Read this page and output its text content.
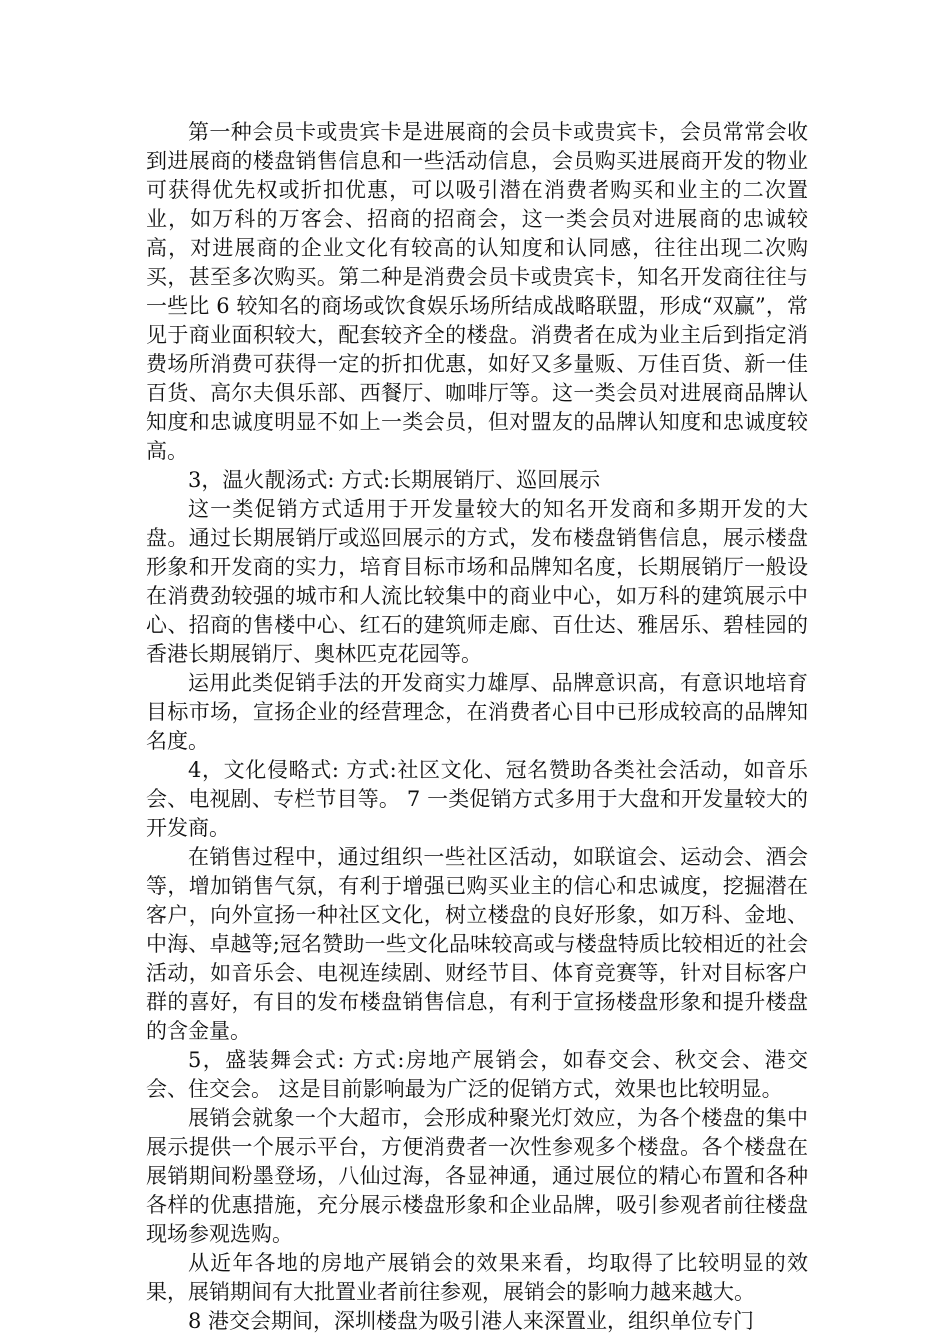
第一种会员卡或贵宾卡是进展商的会员卡或贵宾卡，会员常常会收到进展商的楼盘销售信息和一些活动信息，会员购买进展商开发的物业可获得优先权或折扣优惠，可以吸引潜在消费者购买和业主的二次置业，如万科的万客会、招商的招商会，这一类会员对进展商的忠诚较高，对进展商的企业文化有较高的认知度和认同感，往往出现二次购买，甚至多次购买。第二种是消费会员卡或贵宾卡，知名开发商往往与一些比 6 较知名的商场或饮食娱乐场所结成战略联盟，形成“双赢”，常见于商业面积较大，配套较齐全的楼盘。消费者在成为业主后到指定消费场所消费可获得一定的折扣优惠，如好又多量贩、万佳百货、新一佳百货、高尔夫俱乐部、西餐厅、咖啡厅等。这一类会员对进展商品牌认知度和忠诚度明显不如上一类会员，但对盟友的品牌认知度和忠诚度较高。

3，温火靓汤式: 方式:长期展销厅、巡回展示

这一类促销方式适用于开发量较大的知名开发商和多期开发的大盘。通过长期展销厅或巡回展示的方式，发布楼盘销售信息，展示楼盘形象和开发商的实力，培育目标市场和品牌知名度，长期展销厅一般设在消费劲较强的城市和人流比较集中的商业中心，如万科的建筑展示中心、招商的售楼中心、红石的建筑师走廊、百仕达、雅居乐、碧桂园的香港长期展销厅、奥林匹克花园等。

运用此类促销手法的开发商实力雄厚、品牌意识高，有意识地培育目标市场，宣扬企业的经营理念，在消费者心目中已形成较高的品牌知名度。

4，文化侵略式: 方式:社区文化、冠名赞助各类社会活动，如音乐会、电视剧、专栏节目等。 7 一类促销方式多用于大盘和开发量较大的开发商。

在销售过程中，通过组织一些社区活动，如联谊会、运动会、酒会等，增加销售气氛，有利于增强已购买业主的信心和忠诚度，挖掘潜在客户，向外宣扬一种社区文化，树立楼盘的良好形象，如万科、金地、中海、卓越等;冠名赞助一些文化品味较高或与楼盘特质比较相近的社会活动，如音乐会、电视连续剧、财经节目、体育竞赛等，针对目标客户群的喜好，有目的发布楼盘销售信息，有利于宣扬楼盘形象和提升楼盘的含金量。

5，盛装舞会式: 方式:房地产展销会，如春交会、秋交会、港交会、住交会。 这是目前影响最为广泛的促销方式，效果也比较明显。

展销会就象一个大超市，会形成种聚光灯效应，为各个楼盘的集中展示提供一个展示平台，方便消费者一次性参观多个楼盘。各个楼盘在展销期间粉墨登场，八仙过海，各显神通，通过展位的精心布置和各种各样的优惠措施，充分展示楼盘形象和企业品牌，吸引参观者前往楼盘现场参观选购。

从近年各地的房地产展销会的效果来看，均取得了比较明显的效果，展销期间有大批置业者前往参观，展销会的影响力越来越大。

8 港交会期间，深圳楼盘为吸引港人来深置业，组织单位专门
